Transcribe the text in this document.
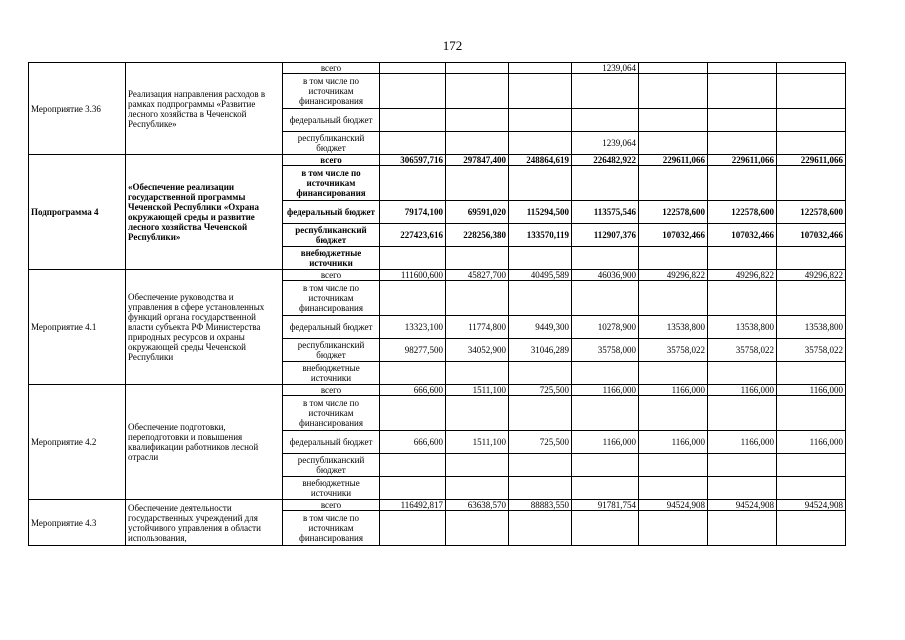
172
Мероприятие 3.36	Реализация направления расходов в рамках подпрограммы «Развитие лесного хозяйства в Чеченской Республике»	всего				1239,064			
		в том числе по источникам финансирования							
		федеральный бюджет							
		республиканский бюджет				1239,064			
Подпрограмма 4	«Обеспечение реализации государственной программы Чеченской Республики «Охрана окружающей среды и развитие лесного хозяйства Чеченской Республики»	всего	306597,716	297847,400	248864,619	226482,922	229611,066	229611,066	229611,066
		в том числе по источникам финансирования							
		федеральный бюджет	79174,100	69591,020	115294,500	113575,546	122578,600	122578,600	122578,600
		республиканский бюджет	227423,616	228256,380	133570,119	112907,376	107032,466	107032,466	107032,466
		внебюджетные источники							
Мероприятие 4.1	Обеспечение руководства и управления в сфере установленных функций органа государственной власти субъекта РФ Министерства природных ресурсов и охраны окружающей среды Чеченской Республики	всего	111600,600	45827,700	40495,589	46036,900	49296,822	49296,822	49296,822
		в том числе по источникам финансирования							
		федеральный бюджет	13323,100	11774,800	9449,300	10278,900	13538,800	13538,800	13538,800
		республиканский бюджет	98277,500	34052,900	31046,289	35758,000	35758,022	35758,022	35758,022
		внебюджетные источники							
Мероприятие 4.2	Обеспечение подготовки, переподготовки и повышения квалификации работников лесной отрасли	всего	666,600	1511,100	725,500	1166,000	1166,000	1166,000	1166,000
		в том числе по источникам финансирования							
		федеральный бюджет	666,600	1511,100	725,500	1166,000	1166,000	1166,000	1166,000
		республиканский бюджет							
		внебюджетные источники							
Мероприятие 4.3	Обеспечение деятельности государственных учреждений для устойчивого управления в области использования,	всего	116492,817	63638,570	88883,550	91781,754	94524,908	94524,908	94524,908
		в том числе по источникам финансирования							
